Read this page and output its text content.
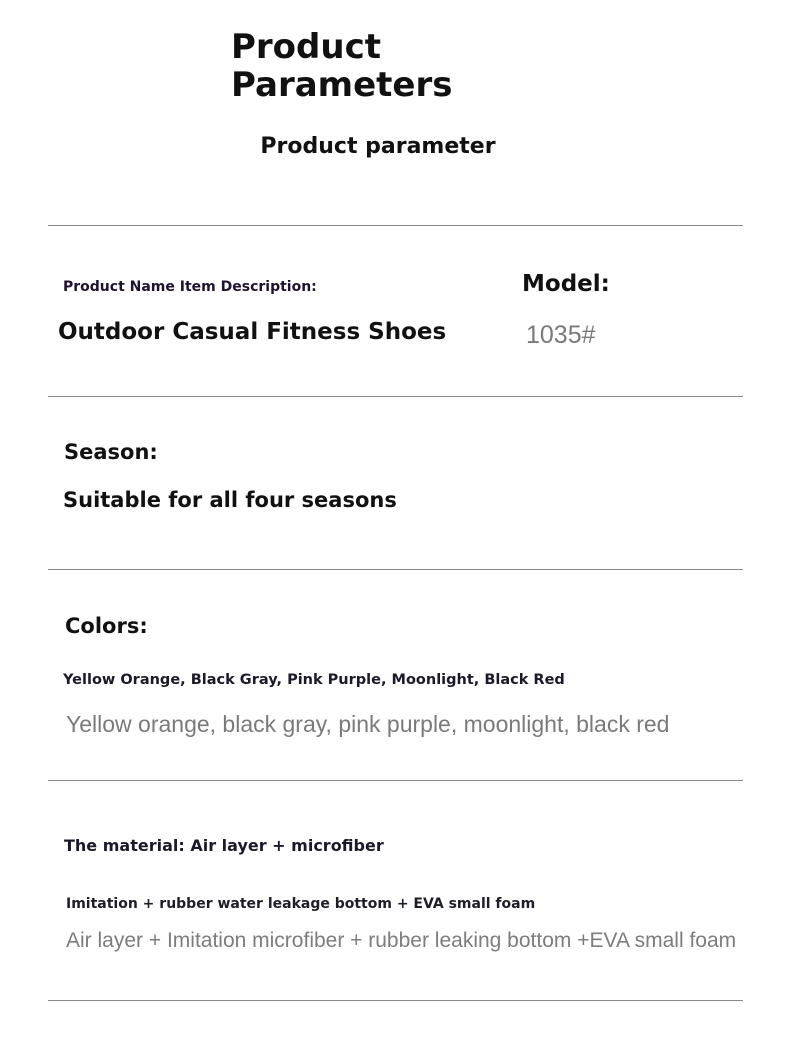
Product Parameters
Product parameter
Product Name Item Description:
Outdoor Casual Fitness Shoes
Model:
1035#
Season:
Suitable for all four seasons
Colors:
Yellow Orange, Black Gray, Pink Purple, Moonlight, Black Red
Yellow orange, black gray, pink purple, moonlight, black red
The material: Air layer + microfiber
Imitation + rubber water leakage bottom + EVA small foam
Air layer + Imitation microfiber + rubber leaking bottom +EVA small foam
